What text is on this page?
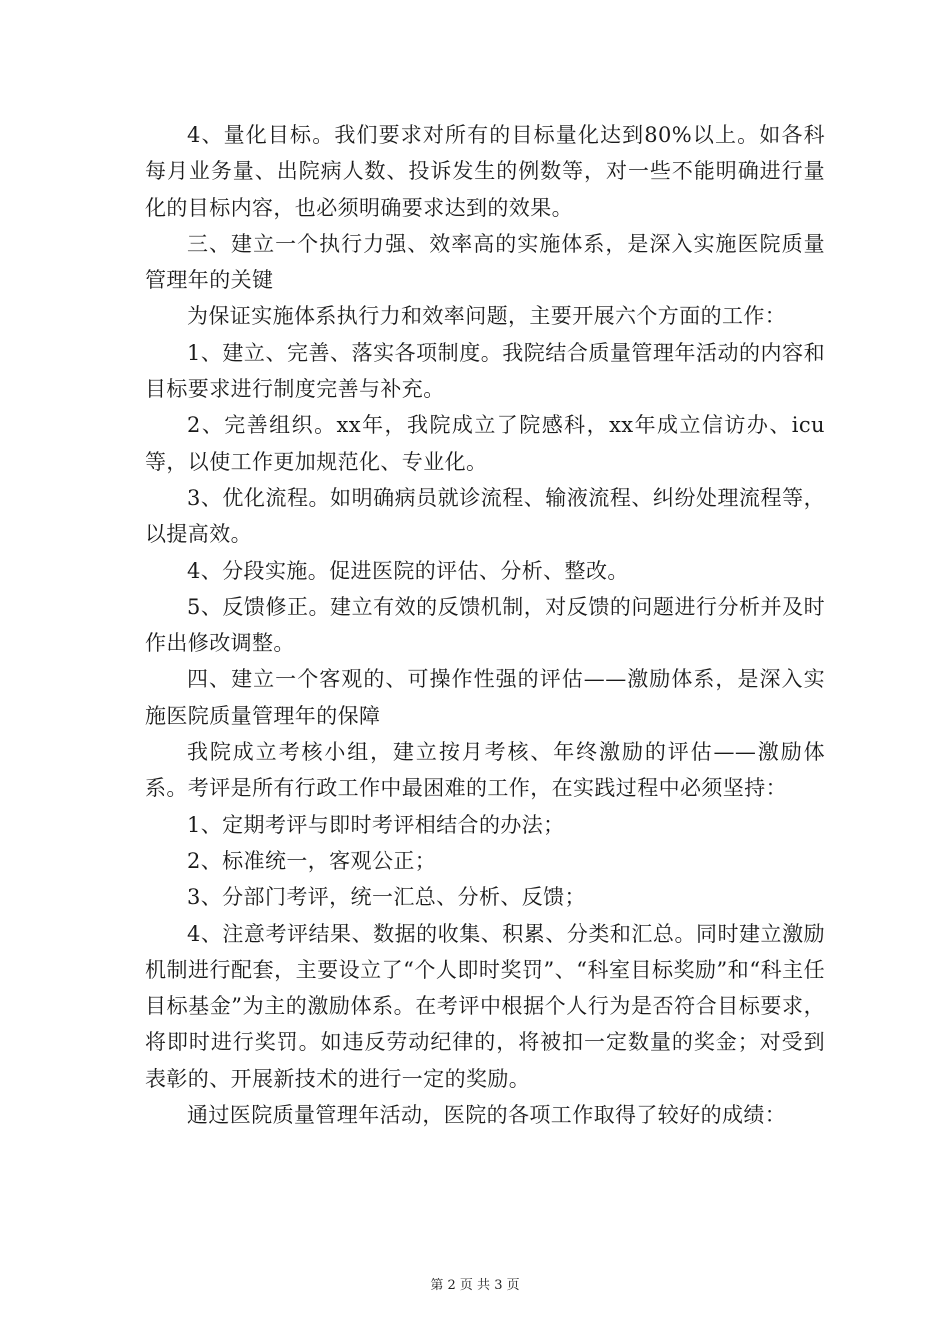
4、量化目标。我们要求对所有的目标量化达到80%以上。如各科每月业务量、出院病人数、投诉发生的例数等，对一些不能明确进行量化的目标内容，也必须明确要求达到的效果。

三、建立一个执行力强、效率高的实施体系，是深入实施医院质量管理年的关键

为保证实施体系执行力和效率问题，主要开展六个方面的工作：

1、建立、完善、落实各项制度。我院结合质量管理年活动的内容和目标要求进行制度完善与补充。

2、完善组织。xx年，我院成立了院感科，xx年成立信访办、icu等，以使工作更加规范化、专业化。

3、优化流程。如明确病员就诊流程、输液流程、纠纷处理流程等，以提高效。

4、分段实施。促进医院的评估、分析、整改。

5、反馈修正。建立有效的反馈机制，对反馈的问题进行分析并及时作出修改调整。

四、建立一个客观的、可操作性强的评估——激励体系，是深入实施医院质量管理年的保障

我院成立考核小组，建立按月考核、年终激励的评估——激励体系。考评是所有行政工作中最困难的工作，在实践过程中必须坚持：

1、定期考评与即时考评相结合的办法；

2、标准统一，客观公正；

3、分部门考评，统一汇总、分析、反馈；

4、注意考评结果、数据的收集、积累、分类和汇总。同时建立激励机制进行配套，主要设立了“个人即时奖罚”、“科室目标奖励”和“科主任目标基金”为主的激励体系。在考评中根据个人行为是否符合目标要求，将即时进行奖罚。如违反劳动纪律的，将被扣一定数量的奖金；对受到表彰的、开展新技术的进行一定的奖励。

通过医院质量管理年活动，医院的各项工作取得了较好的成绩：

第 2 页 共 3 页
